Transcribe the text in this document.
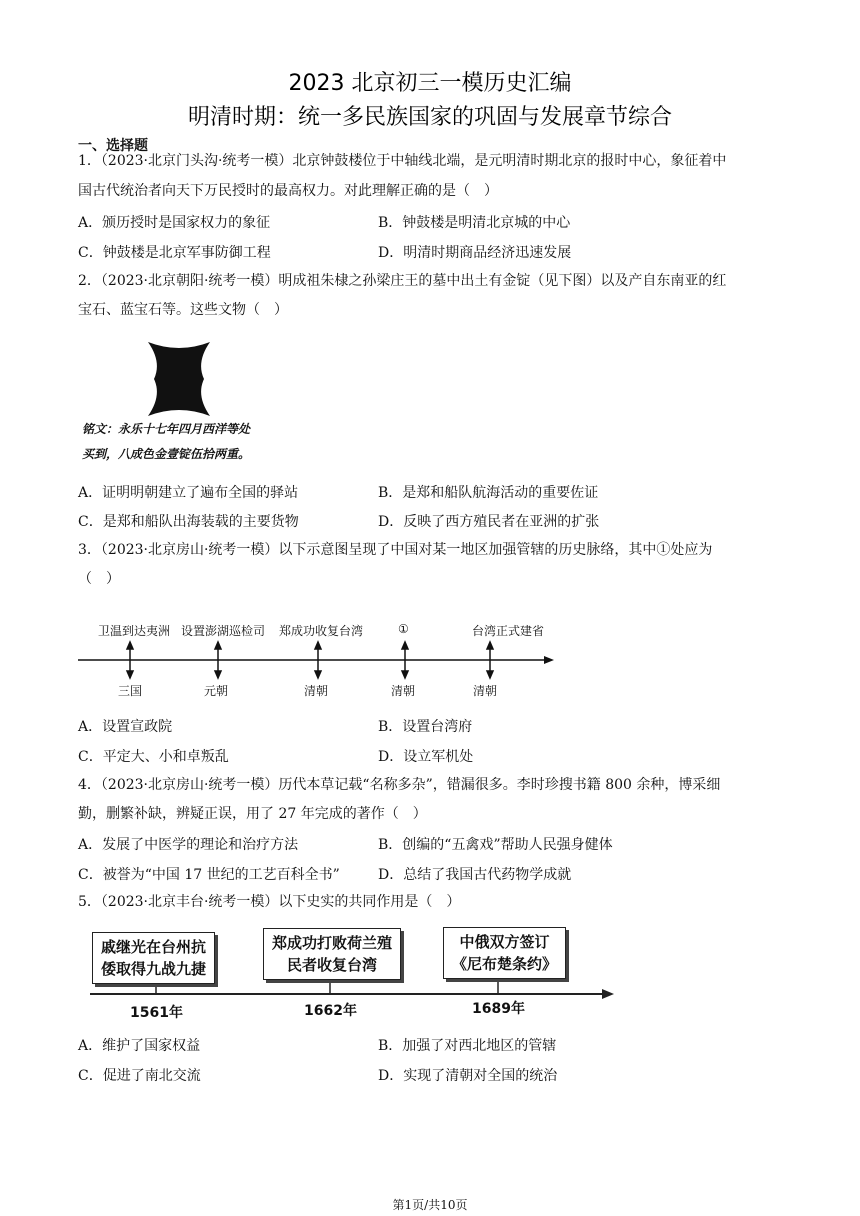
2023 北京初三一模历史汇编
明清时期：统一多民族国家的巩固与发展章节综合
一、选择题
1．（2023·北京门头沟·统考一模）北京钟鼓楼位于中轴线北端，是元明清时期北京的报时中心，象征着中
国古代统治者向天下万民授时的最高权力。对此理解正确的是（　）
A．颁历授时是国家权力的象征	B．钟鼓楼是明清北京城的中心
C．钟鼓楼是北京军事防御工程	D．明清时期商品经济迅速发展
2．（2023·北京朝阳·统考一模）明成祖朱棣之孙梁庄王的墓中出土有金锭（见下图）以及产自东南亚的红
宝石、蓝宝石等。这些文物（　）
铭文：永乐十七年四月西洋等处
买到，八成色金壹锭伍拾两重。
A．证明明朝建立了遍布全国的驿站	B．是郑和船队航海活动的重要佐证
C．是郑和船队出海装载的主要货物	D．反映了西方殖民者在亚洲的扩张
3．（2023·北京房山·统考一模）以下示意图呈现了中国对某一地区加强管辖的历史脉络，其中①处应为
（　）
卫温到达夷洲 设置澎湖巡检司 郑成功收复台湾	①	台湾正式建省
三国	元朝	清朝	清朝	清朝
A．设置宣政院	B．设置台湾府
C．平定大、小和卓叛乱	D．设立军机处
4．（2023·北京房山·统考一模）历代本草记载“名称多杂”，错漏很多。李时珍搜书籍 800 余种，博采细
勤，删繁补缺，辨疑正误，用了 27 年完成的著作（　）
A．发展了中医学的理论和治疗方法	B．创编的“五禽戏”帮助人民强身健体
C．被誉为“中国 17 世纪的工艺百科全书”	D．总结了我国古代药物学成就
5．（2023·北京丰台·统考一模）以下史实的共同作用是（　）
戚继光在台州抗
倭取得九战九捷
郑成功打败荷兰殖
民者收复台湾
中俄双方签订
《尼布楚条约》
1561年	1662年	1689年
A．维护了国家权益	B．加强了对西北地区的管辖
C．促进了南北交流	D．实现了清朝对全国的统治
第1页/共10页
